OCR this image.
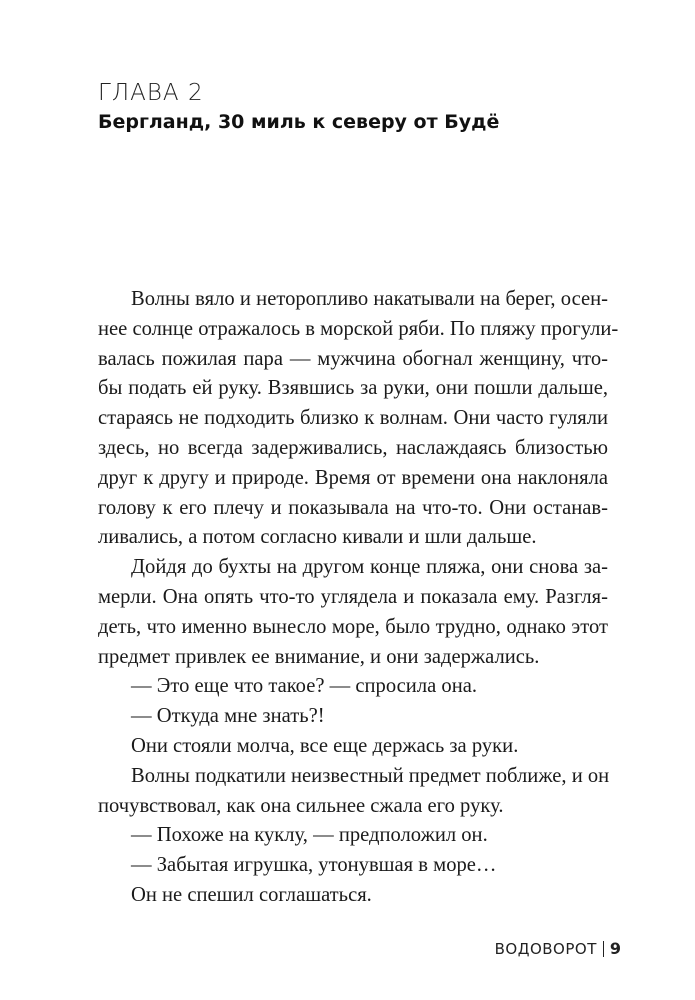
ГЛАВА 2
Бергланд, 30 миль к северу от Будё
Волны вяло и неторопливо накатывали на берег, осен-
нее солнце отражалось в морской ряби. По пляжу прогули-
валась пожилая пара — мужчина обогнал женщину, что-
бы подать ей руку. Взявшись за руки, они пошли дальше,
стараясь не подходить близко к волнам. Они часто гуляли
здесь, но всегда задерживались, наслаждаясь близостью
друг к другу и природе. Время от времени она наклоняла
голову к его плечу и показывала на что-то. Они останав-
ливались, а потом согласно кивали и шли дальше.
Дойдя до бухты на другом конце пляжа, они снова за-
мерли. Она опять что-то углядела и показала ему. Разгля-
деть, что именно вынесло море, было трудно, однако этот
предмет привлек ее внимание, и они задержались.
— Это еще что такое? — спросила она.
— Откуда мне знать?!
Они стояли молча, все еще держась за руки.
Волны подкатили неизвестный предмет поближе, и он
почувствовал, как она сильнее сжала его руку.
— Похоже на куклу, — предположил он.
— Забытая игрушка, утонувшая в море…
Он не спешил соглашаться.
ВОДОВОРОТ 9
